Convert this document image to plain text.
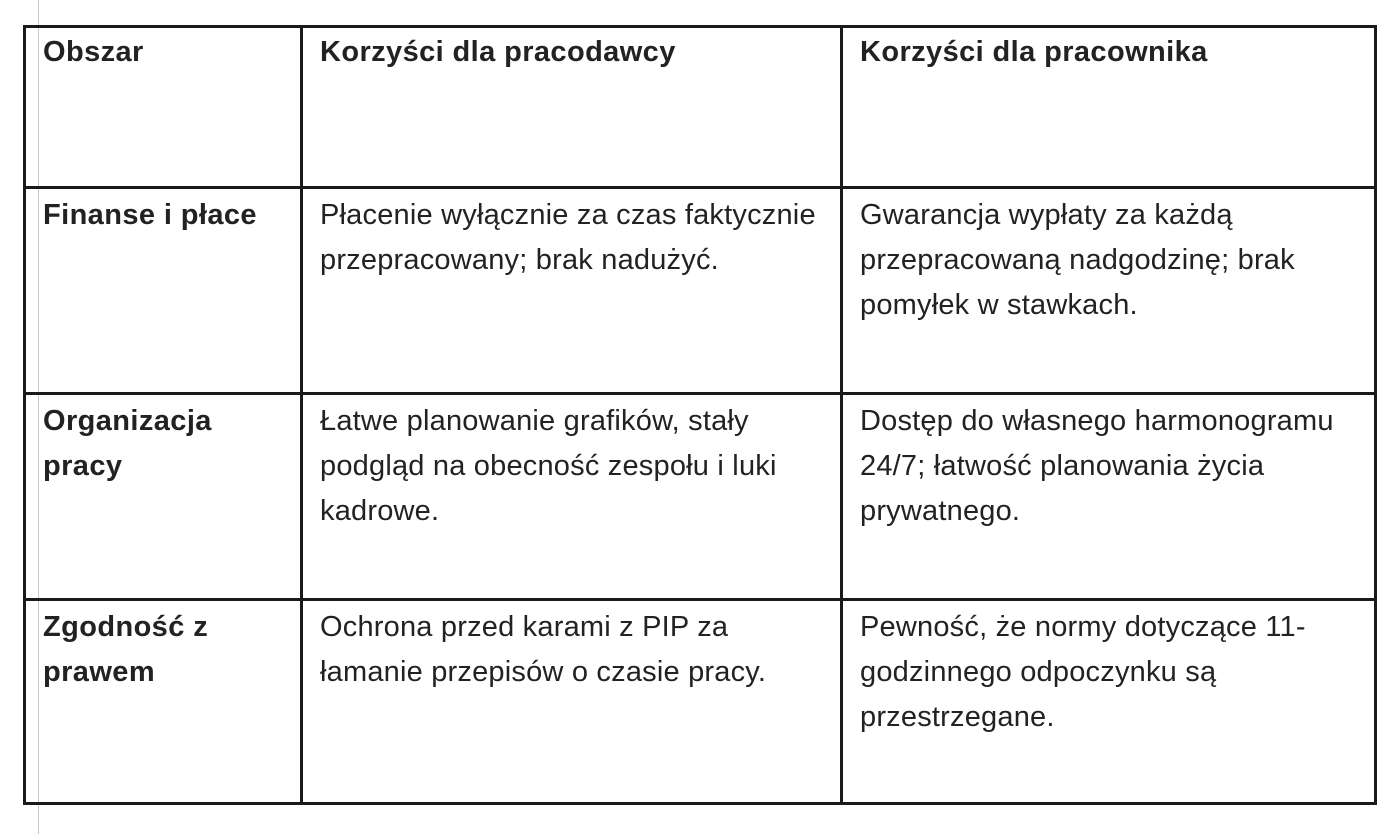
Obszar	Korzyści dla pracodawcy	Korzyści dla pracownika
Finanse i płace	Płacenie wyłącznie za czas faktycznie przepracowany; brak nadużyć.	Gwarancja wypłaty za każdą przepracowaną nadgodzinę; brak pomyłek w stawkach.
Organizacja pracy	Łatwe planowanie grafików, stały podgląd na obecność zespołu i luki kadrowe.	Dostęp do własnego harmonogramu 24/7; łatwość planowania życia prywatnego.
Zgodność z prawem	Ochrona przed karami z PIP za łamanie przepisów o czasie pracy.	Pewność, że normy dotyczące 11-godzinnego odpoczynku są przestrzegane.
